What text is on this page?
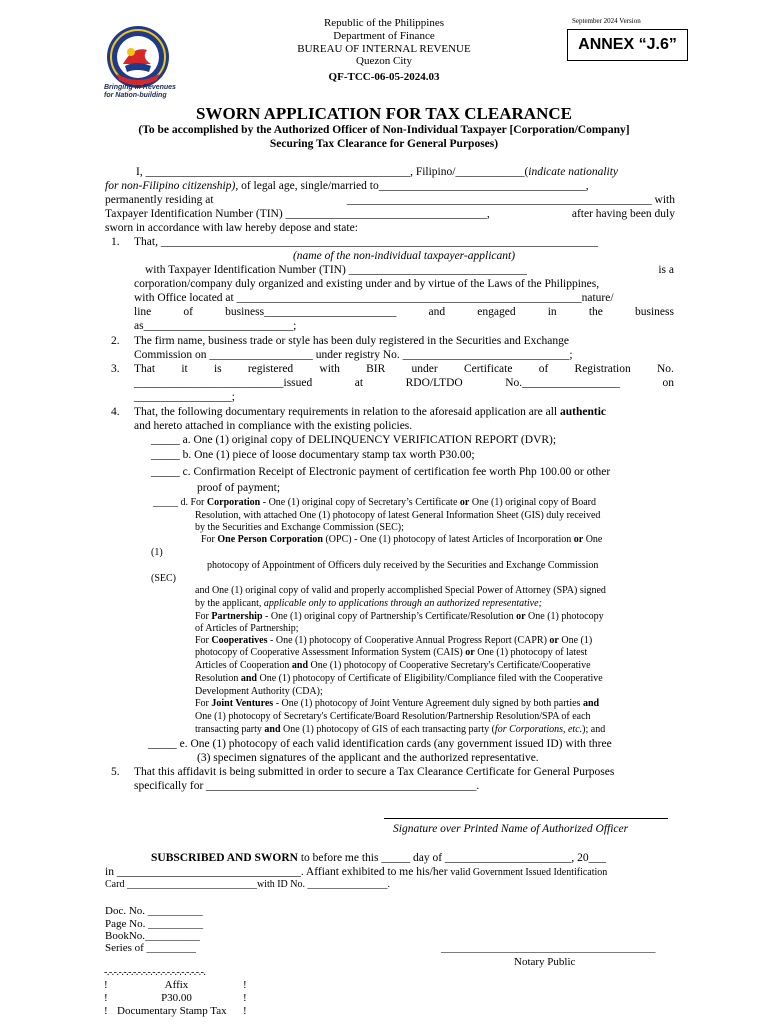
Bringing in Revenues
for Nation-building
Republic of the Philippines
Department of Finance
BUREAU OF INTERNAL REVENUE
Quezon City
QF-TCC-06-05-2024.03
September 2024 Version
ANNEX “J.6”
SWORN APPLICATION FOR TAX CLEARANCE
(To be accomplished by the Authorized Officer of Non-Individual Taxpayer [Corporation/Company]
Securing Tax Clearance for General Purposes)
I, ______________________________________________, Filipino/____________(indicate nationality
for non-Filipino citizenship), of legal age, single/married to____________________________________,
permanently residing at	_____________________________________________________ with
Taxpayer Identification Number (TIN) ___________________________________,	after having been duly
sworn in accordance with law hereby depose and state:
1. That, ____________________________________________________________________________
(name of the non-individual taxpayer-applicant)
with Taxpayer Identification Number (TIN) _______________________________	is a
corporation/company duly organized and existing under and by virtue of the Laws of the Philippines,
with Office located at ____________________________________________________________nature/
line	of	business_______________________	and	engaged	in	the	business
as__________________________;
2. The firm name, business trade or style has been duly registered in the Securities and Exchange
Commission on __________________ under registry No. _____________________________;
3. That it is registered with BIR under Certificate of Registration No.
__________________________issued	at	RDO/LTDO	No._________________	on
_________________;
4. That, the following documentary requirements in relation to the aforesaid application are all authentic
and hereto attached in compliance with the existing policies.
_____ a. One (1) original copy of DELINQUENCY VERIFICATION REPORT (DVR);
_____ b. One (1) piece of loose documentary stamp tax worth P30.00;
_____ c. Confirmation Receipt of Electronic payment of certification fee worth Php 100.00 or other
proof of payment;
_____ d. For Corporation - One (1) original copy of Secretary’s Certificate or One (1) original copy of Board
Resolution, with attached One (1) photocopy of latest General Information Sheet (GIS) duly received
by the Securities and Exchange Commission (SEC);
For One Person Corporation (OPC) - One (1) photocopy of latest Articles of Incorporation or One
(1)
photocopy of Appointment of Officers duly received by the Securities and Exchange Commission
(SEC)
and One (1) original copy of valid and properly accomplished Special Power of Attorney (SPA) signed
by the applicant, applicable only to applications through an authorized representative;
For Partnership - One (1) original copy of Partnership’s Certificate/Resolution or One (1) photocopy
of Articles of Partnership;
For Cooperatives - One (1) photocopy of Cooperative Annual Progress Report (CAPR) or One (1)
photocopy of Cooperative Assessment Information System (CAIS) or One (1) photocopy of latest
Articles of Cooperation and One (1) photocopy of Cooperative Secretary's Certificate/Cooperative
Resolution and One (1) photocopy of Certificate of Eligibility/Compliance filed with the Cooperative
Development Authority (CDA);
For Joint Ventures - One (1) photocopy of Joint Venture Agreement duly signed by both parties and
One (1) photocopy of Secretary's Certificate/Board Resolution/Partnership Resolution/SPA of each
transacting party and One (1) photocopy of GIS of each transacting party (for Corporations, etc.); and
_____ e. One (1) photocopy of each valid identification cards (any government issued ID) with three
(3) specimen signatures of the applicant and the authorized representative.
5. That this affidavit is being submitted in order to secure a Tax Clearance Certificate for General Purposes
specifically for _______________________________________________.
Signature over Printed Name of Authorized Officer
SUBSCRIBED AND SWORN to before me this _____ day of ______________________, 20___
in ________________________________. Affiant exhibited to me his/her valid Government Issued Identification
Card __________________________with ID No. ________________.
Doc. No. __________
Page No. __________
BookNo.__________
Series of _________	_______________________________________
Notary Public
-.-.-.-.-.-.-.-.-.-.-.-.-.-.-.-.-.-.-.-.-.
!	Affix	!
!	P30.00	!
! Documentary Stamp Tax !
